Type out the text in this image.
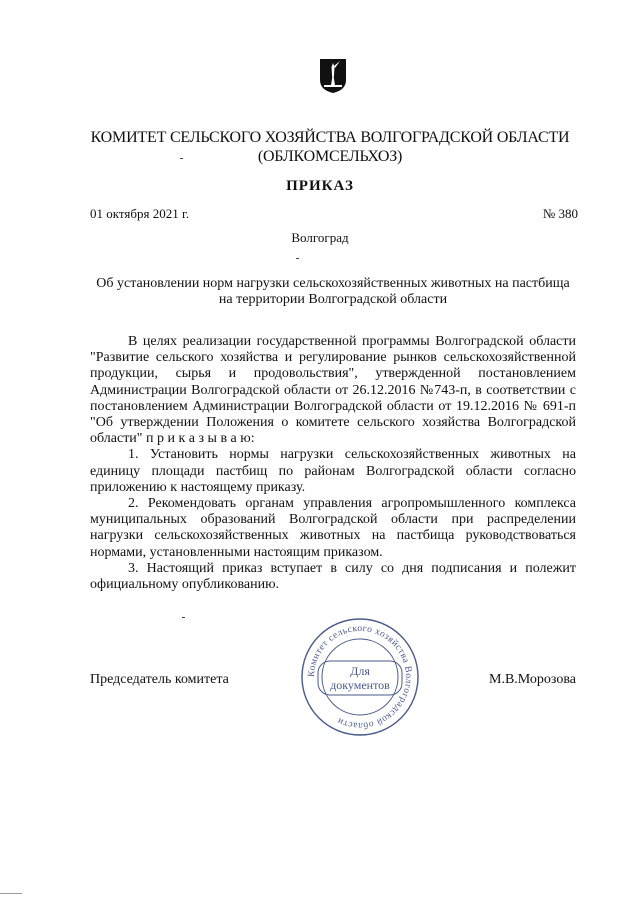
КОМИТЕТ СЕЛЬСКОГО ХОЗЯЙСТВА ВОЛГОГРАДСКОЙ ОБЛАСТИ
(ОБЛКОМСЕЛЬХОЗ)
ПРИКАЗ
01 октября 2021 г.	№ 380
Волгоград
Об установлении норм нагрузки сельскохозяйственных животных на пастбища на территории Волгоградской области

В целях реализации государственной программы Волгоградской области "Развитие сельского хозяйства и регулирование рынков сельскохозяйственной продукции, сырья и продовольствия", утвержденной постановлением Администрации Волгоградской области от 26.12.2016 №743-п, в соответствии с постановлением Администрации Волгоградской области от 19.12.2016 № 691-п "Об утверждении Положения о комитете сельского хозяйства Волгоградской области" п р и к а з ы в а ю:

1. Установить нормы нагрузки сельскохозяйственных животных на единицу площади пастбищ по районам Волгоградской области согласно приложению к настоящему приказу.

2. Рекомендовать органам управления агропромышленного комплекса муниципальных образований Волгоградской области при распределении нагрузки сельскохозяйственных животных на пастбища руководствоваться нормами, установленными настоящим приказом.

3. Настоящий приказ вступает в силу со дня подписания и полежит официальному опубликованию.

Председатель комитета	М.В.Морозова
Комитет сельского хозяйства Волгоградской области
Для
документов
